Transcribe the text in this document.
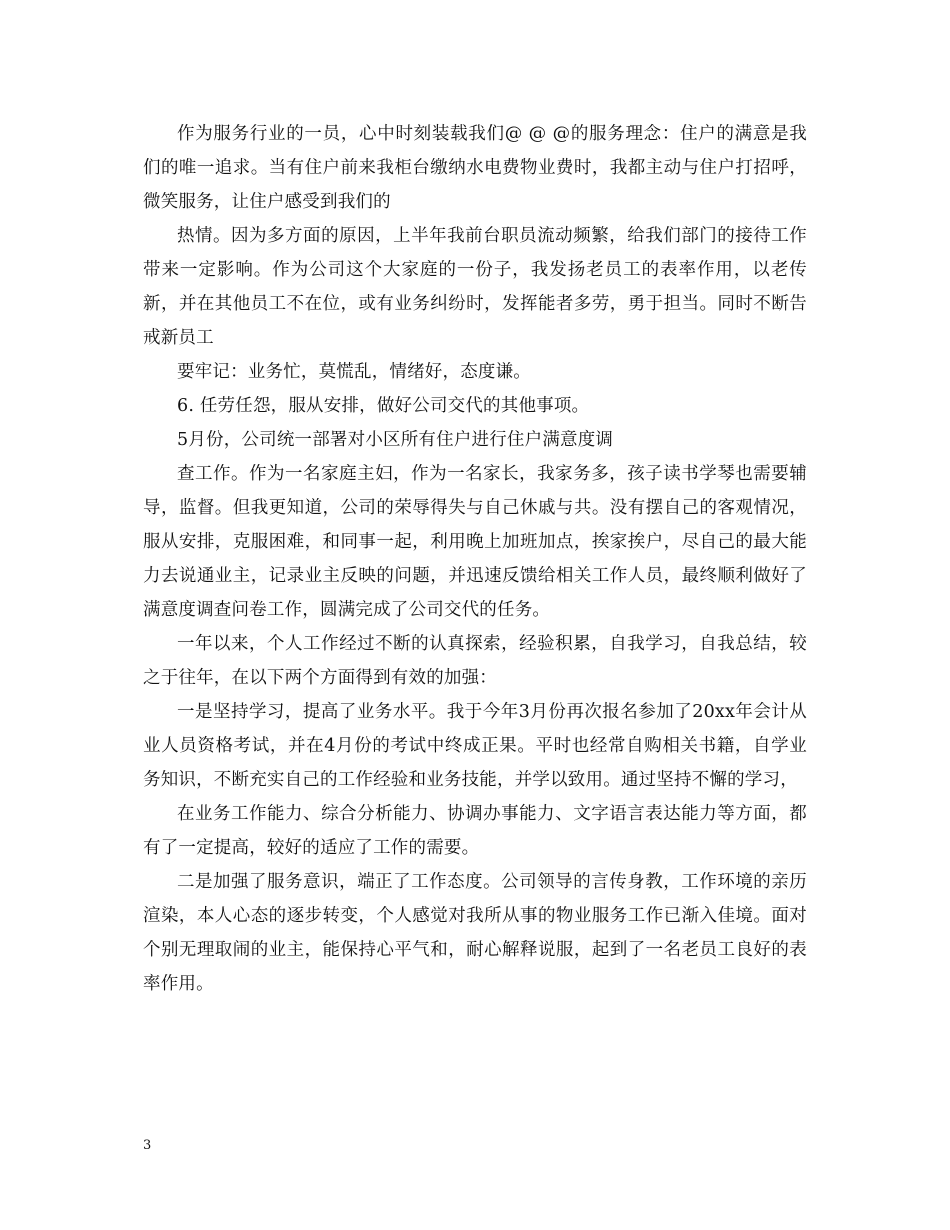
作为服务行业的一员，心中时刻装载我们@ @ @的服务理念：住户的满意是我们的唯一追求。当有住户前来我柜台缴纳水电费物业费时，我都主动与住户打招呼，微笑服务，让住户感受到我们的

热情。因为多方面的原因，上半年我前台职员流动频繁，给我们部门的接待工作带来一定影响。作为公司这个大家庭的一份子，我发扬老员工的表率作用，以老传新，并在其他员工不在位，或有业务纠纷时，发挥能者多劳，勇于担当。同时不断告戒新员工

要牢记：业务忙，莫慌乱，情绪好，态度谦。

6. 任劳任怨，服从安排，做好公司交代的其他事项。

5月份，公司统一部署对小区所有住户进行住户满意度调

查工作。作为一名家庭主妇，作为一名家长，我家务多，孩子读书学琴也需要辅导，监督。但我更知道，公司的荣辱得失与自己休戚与共。没有摆自己的客观情况，服从安排，克服困难，和同事一起，利用晚上加班加点，挨家挨户，尽自己的最大能力去说通业主，记录业主反映的问题，并迅速反馈给相关工作人员，最终顺利做好了满意度调查问卷工作，圆满完成了公司交代的任务。

一年以来，个人工作经过不断的认真探索，经验积累，自我学习，自我总结，较之于往年，在以下两个方面得到有效的加强：

一是坚持学习，提高了业务水平。我于今年3月份再次报名参加了20xx年会计从业人员资格考试，并在4月份的考试中终成正果。平时也经常自购相关书籍，自学业务知识，不断充实自己的工作经验和业务技能，并学以致用。通过坚持不懈的学习，

在业务工作能力、综合分析能力、协调办事能力、文字语言表达能力等方面，都有了一定提高，较好的适应了工作的需要。

二是加强了服务意识，端正了工作态度。公司领导的言传身教，工作环境的亲历渲染，本人心态的逐步转变，个人感觉对我所从事的物业服务工作已渐入佳境。面对个别无理取闹的业主，能保持心平气和，耐心解释说服，起到了一名老员工良好的表率作用。

3
